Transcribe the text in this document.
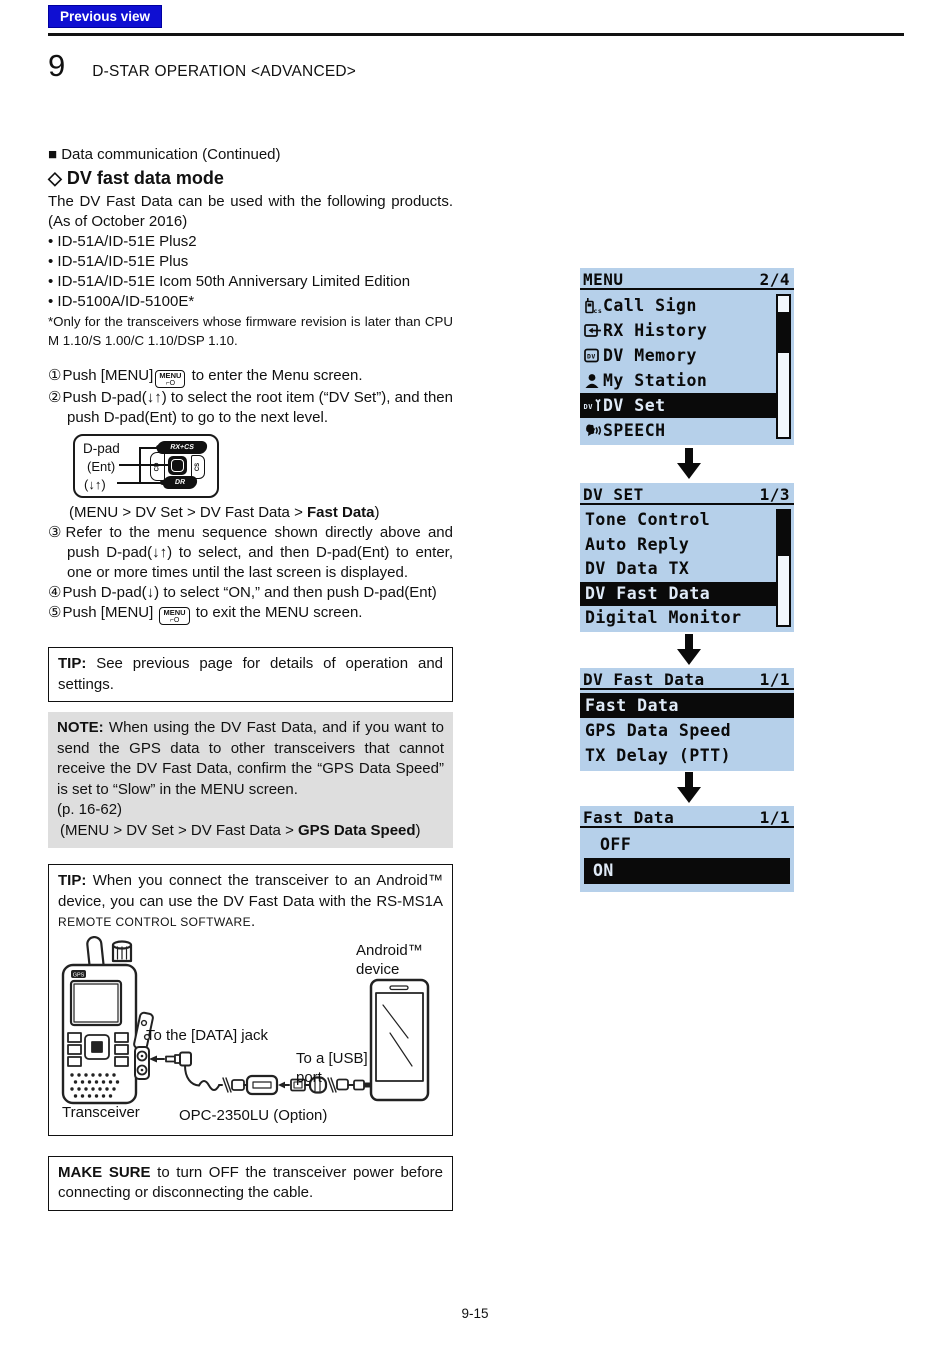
Previous view
9 D-STAR OPERATION <ADVANCED>
■ Data communication (Continued)
◇ DV fast data mode

The DV Fast Data can be used with the following products. (As of October 2016)

• ID-51A/ID-51E Plus2
• ID-51A/ID-51E Plus
• ID-51A/ID-51E Icom 50th Anniversary Limited Edition
• ID-5100A/ID-5100E*

*Only for the transceivers whose firmware revision is later than CPU M 1.10/S 1.00/C 1.10/DSP 1.10.

①Push [MENU] MENU
⌐O to enter the Menu screen.
②Push D-pad(↓↑) to select the root item (“DV Set”), and then push D-pad(Ent) to go to the next level.
D-pad
(Ent)
(↓↑)
RX+CS
DR
CD	CS
(MENU > DV Set > DV Fast Data > Fast Data)
③Refer to the menu sequence shown directly above and push D-pad(↓↑) to select, and then D-pad(Ent) to enter, one or more times until the last screen is displayed.
④Push D-pad(↓) to select “ON,” and then push D-pad(Ent)
⑤Push [MENU] MENU
⌐O to exit the MENU screen.
TIP: See previous page for details of operation and settings.
NOTE: When using the DV Fast Data, and if you want to send the GPS data to other transceivers that cannot receive the DV Fast Data, confirm the “GPS Data Speed” is set to “Slow” in the MENU screen.
(p. 16-62)
(MENU > DV Set > DV Fast Data > GPS Data Speed)

TIP: When you connect the transceiver to an Android™ device, you can use the DV Fast Data with the RS-MS1A REMOTE CONTROL SOFTWARE.

GPS
Android™ device
To the [DATA] jack
To a [USB] port
Transceiver	OPC-2350LU (Option)
MAKE SURE to turn OFF the transceiver power before connecting or disconnecting the cable.
MENU	2/4
cs Call Sign
RX History
DV DV Memory
My Station
DV DV Set
SPEECH
DV SET	1/3
Tone Control
Auto Reply
DV Data TX
DV Fast Data
Digital Monitor
DV Fast Data	1/1
Fast Data
GPS Data Speed
TX Delay (PTT)
Fast Data	1/1
OFF
ON
9-15
